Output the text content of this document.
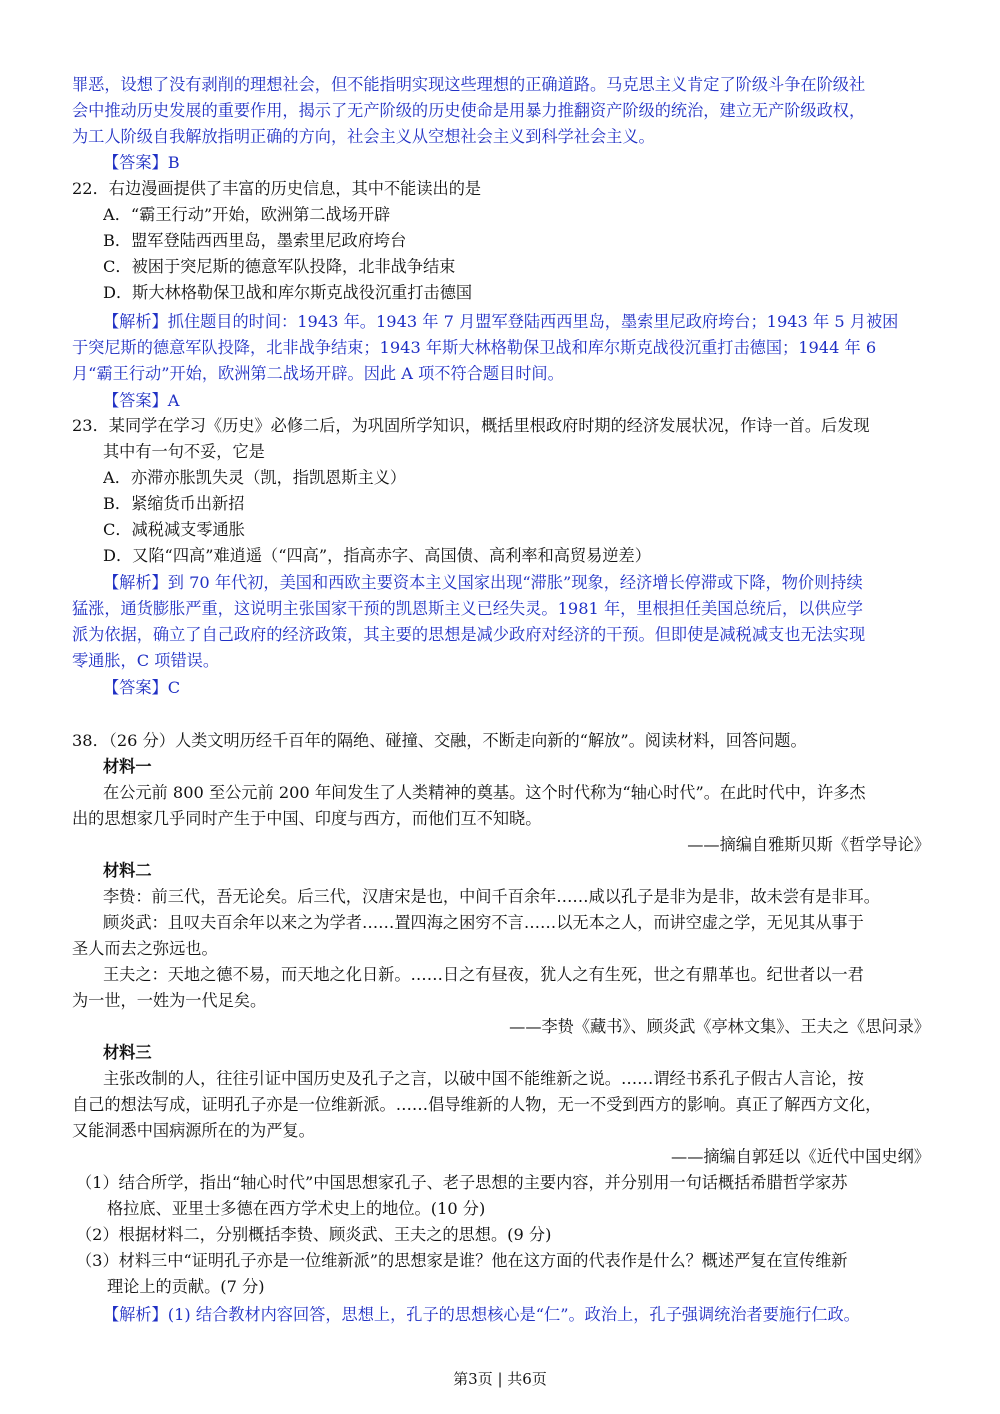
罪恶，设想了没有剥削的理想社会，但不能指明实现这些理想的正确道路。马克思主义肯定了阶级斗争在阶级社
会中推动历史发展的重要作用，揭示了无产阶级的历史使命是用暴力推翻资产阶级的统治，建立无产阶级政权，
为工人阶级自我解放指明正确的方向，社会主义从空想社会主义到科学社会主义。
【答案】B
22．右边漫画提供了丰富的历史信息，其中不能读出的是
A．“霸王行动”开始，欧洲第二战场开辟
B．盟军登陆西西里岛，墨索里尼政府垮台
C．被困于突尼斯的德意军队投降，北非战争结束
D．斯大林格勒保卫战和库尔斯克战役沉重打击德国
【解析】抓住题目的时间：1943 年。1943 年 7 月盟军登陆西西里岛，墨索里尼政府垮台；1943 年 5 月被困
于突尼斯的德意军队投降，北非战争结束；1943 年斯大林格勒保卫战和库尔斯克战役沉重打击德国；1944 年 6
月“霸王行动”开始，欧洲第二战场开辟。因此 A 项不符合题目时间。
【答案】A
23．某同学在学习《历史》必修二后，为巩固所学知识，概括里根政府时期的经济发展状况，作诗一首。后发现
其中有一句不妥，它是
A．亦滞亦胀凯失灵（凯，指凯恩斯主义）
B．紧缩货币出新招
C．减税减支零通胀
D．又陷“四高”难逍遥（“四高”，指高赤字、高国债、高利率和高贸易逆差）
【解析】到 70 年代初，美国和西欧主要资本主义国家出现“滞胀”现象，经济增长停滞或下降，物价则持续
猛涨，通货膨胀严重，这说明主张国家干预的凯恩斯主义已经失灵。1981 年，里根担任美国总统后，以供应学
派为依据，确立了自己政府的经济政策，其主要的思想是减少政府对经济的干预。但即使是减税减支也无法实现
零通胀，C 项错误。
【答案】C
38．（26 分）人类文明历经千百年的隔绝、碰撞、交融，不断走向新的“解放”。阅读材料，回答问题。
材料一
在公元前 800 至公元前 200 年间发生了人类精神的奠基。这个时代称为“轴心时代”。在此时代中，许多杰
出的思想家几乎同时产生于中国、印度与西方，而他们互不知晓。
——摘编自雅斯贝斯《哲学导论》
材料二
李贽：前三代，吾无论矣。后三代，汉唐宋是也，中间千百余年……咸以孔子是非为是非，故未尝有是非耳。
顾炎武：且叹夫百余年以来之为学者……置四海之困穷不言……以无本之人，而讲空虚之学，无见其从事于
圣人而去之弥远也。
王夫之：天地之德不易，而天地之化日新。……日之有昼夜，犹人之有生死，世之有鼎革也。纪世者以一君
为一世，一姓为一代足矣。
——李贽《藏书》、顾炎武《亭林文集》、王夫之《思问录》
材料三
主张改制的人，往往引证中国历史及孔子之言，以破中国不能维新之说。……谓经书系孔子假古人言论，按
自己的想法写成，证明孔子亦是一位维新派。……倡导维新的人物，无一不受到西方的影响。真正了解西方文化，
又能洞悉中国病源所在的为严复。
——摘编自郭廷以《近代中国史纲》
（1）结合所学，指出“轴心时代”中国思想家孔子、老子思想的主要内容，并分别用一句话概括希腊哲学家苏
格拉底、亚里士多德在西方学术史上的地位。(10 分)
（2）根据材料二，分别概括李贽、顾炎武、王夫之的思想。(9 分)
（3）材料三中“证明孔子亦是一位维新派”的思想家是谁？他在这方面的代表作是什么？概述严复在宣传维新
理论上的贡献。(7 分)
【解析】(1) 结合教材内容回答，思想上，孔子的思想核心是“仁”。政治上，孔子强调统治者要施行仁政。
第3页 | 共6页
